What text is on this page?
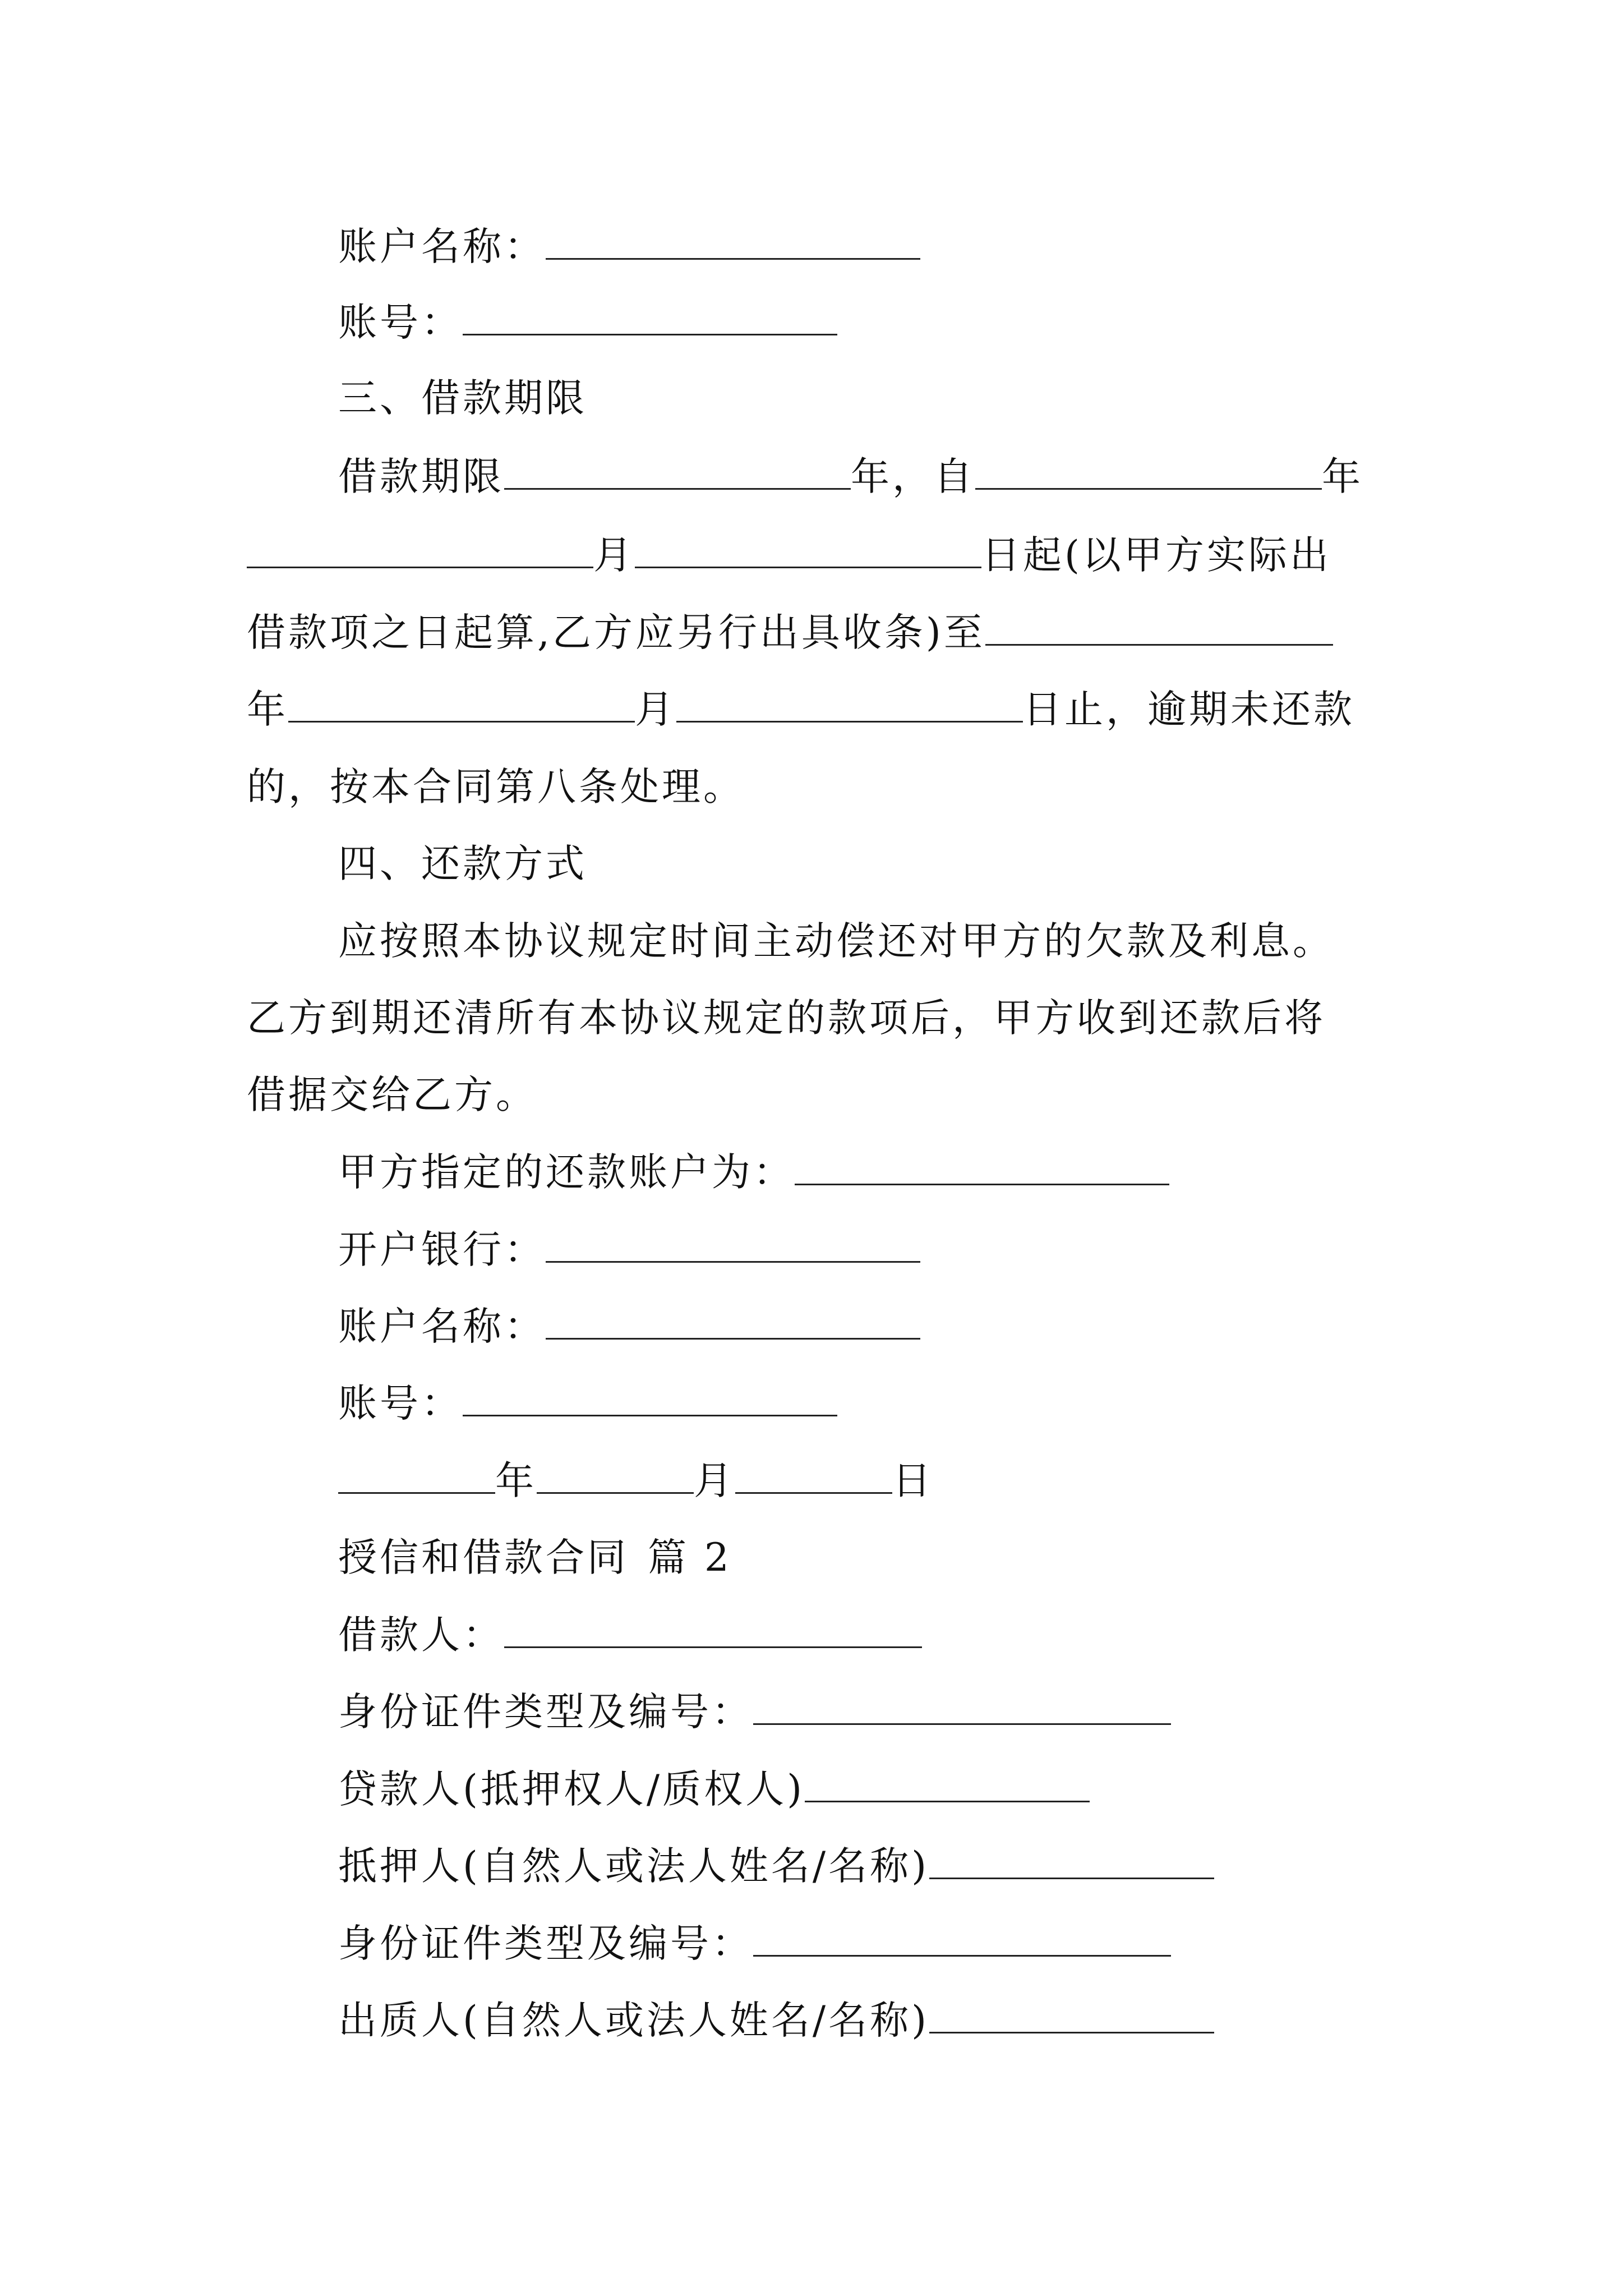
账户名称：
账号：
三、借款期限
借款期限	年，自	年
月	日起(以甲方实际出
借款项之日起算,乙方应另行出具收条)至
年	月	日止，逾期未还款
的，按本合同第八条处理。
四、还款方式
应按照本协议规定时间主动偿还对甲方的欠款及利息。
乙方到期还清所有本协议规定的款项后，甲方收到还款后将
借据交给乙方。
甲方指定的还款账户为：
开户银行：
账户名称：
账号：
年	月	日
授信和借款合同 篇 2
借款人：
身份证件类型及编号：
贷款人(抵押权人/质权人)
抵押人(自然人或法人姓名/名称)
身份证件类型及编号：
出质人(自然人或法人姓名/名称)
